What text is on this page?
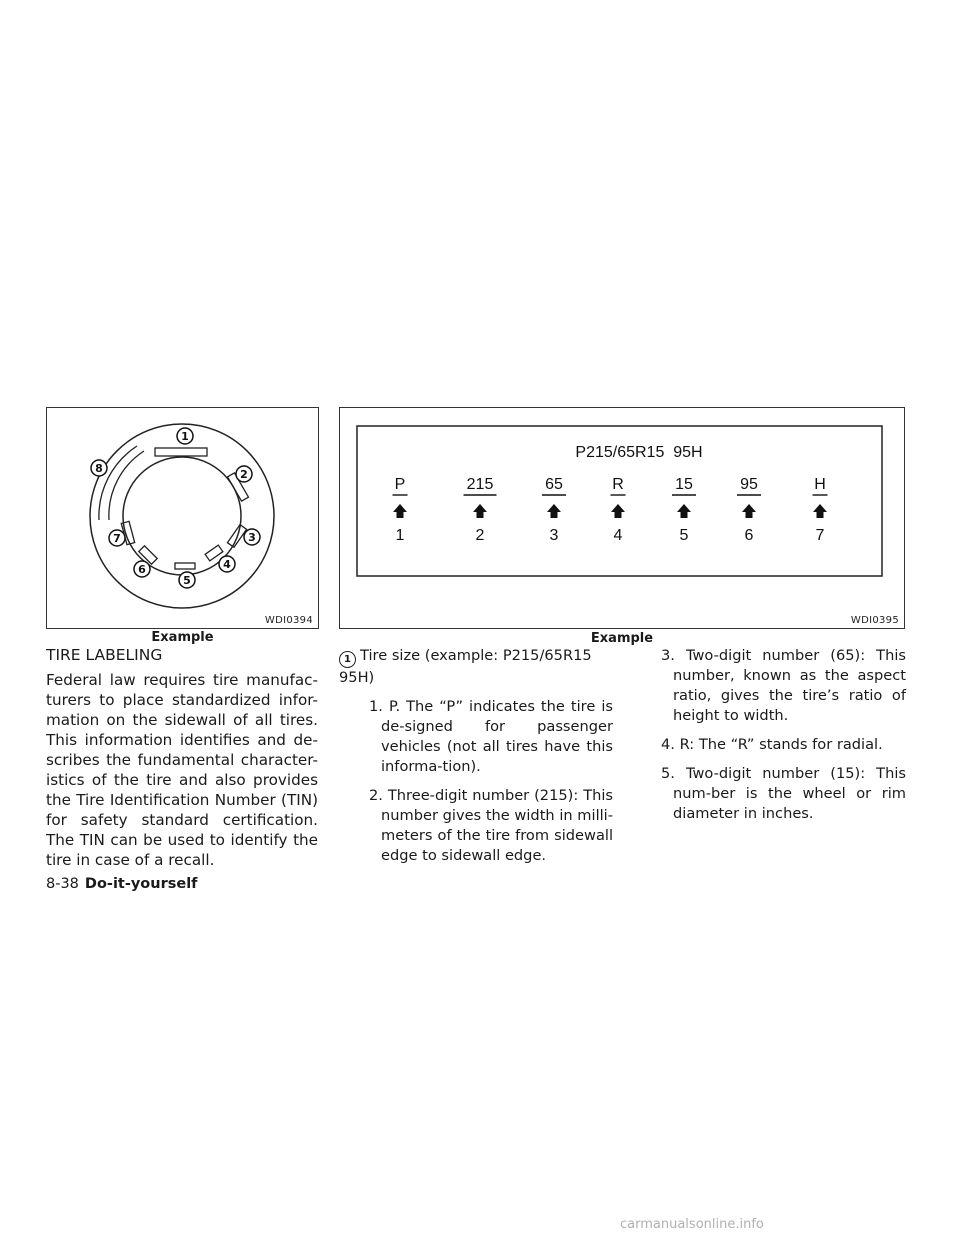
1
2
3
4
5
6
7
8
WDI0394
Example
P215/65R15  95H
P
1
215
2
65
3
R
4
15
5
95
6
H
7
WDI0395
Example
TIRE LABELING
Federal law requires tire manufac-turers to place standardized infor-mation on the sidewall of all tires. This information identifies and de-scribes the fundamental character-istics of the tire and also provides the Tire Identification Number (TIN) for safety standard certification. The TIN can be used to identify the tire in case of a recall.
1 Tire size (example: P215/65R15 95H)
1. P. The “P” indicates the tire is de-signed for passenger vehicles (not all tires have this informa-tion).
2. Three-digit number (215): This number gives the width in milli-meters of the tire from sidewall edge to sidewall edge.
3. Two-digit number (65): This number, known as the aspect ratio, gives the tire’s ratio of height to width.
4. R: The “R” stands for radial.
5. Two-digit number (15): This num-ber is the wheel or rim diameter in inches.
8-38 Do-it-yourself
carmanualsonline.info
